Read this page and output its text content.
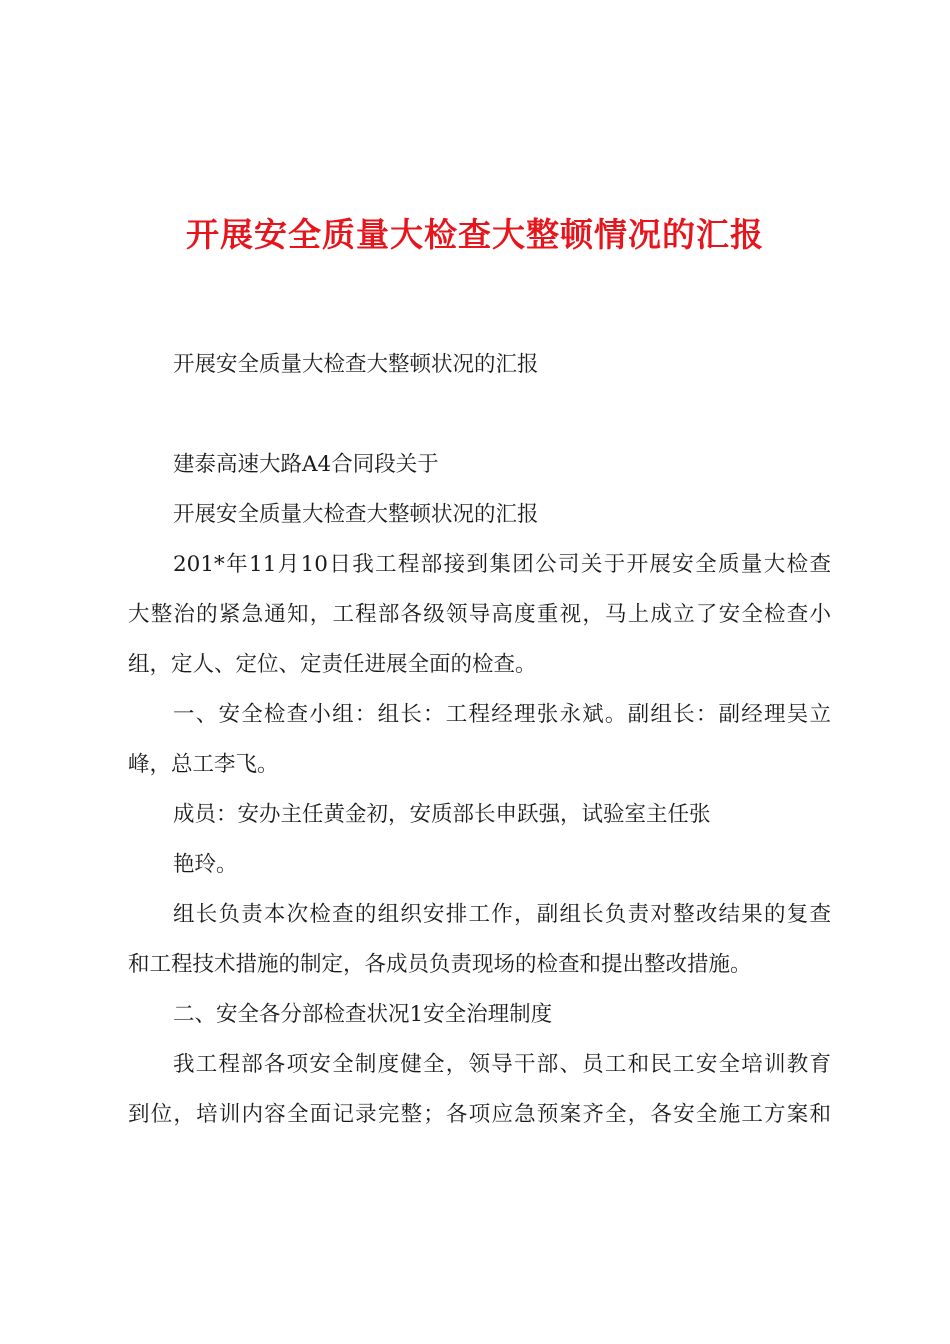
开展安全质量大检查大整顿情况的汇报

开展安全质量大检查大整顿状况的汇报

建泰高速大路A4合同段关于

开展安全质量大检查大整顿状况的汇报

201*年11月10日我工程部接到集团公司关于开展安全质量大检查

大整治的紧急通知，工程部各级领导高度重视，马上成立了安全检查小

组，定人、定位、定责任进展全面的检查。

一、安全检查小组：组长：工程经理张永斌。副组长：副经理吴立

峰，总工李飞。

成员：安办主任黄金初，安质部长申跃强，试验室主任张

艳玲。

组长负责本次检查的组织安排工作，副组长负责对整改结果的复查

和工程技术措施的制定，各成员负责现场的检查和提出整改措施。

二、安全各分部检查状况1安全治理制度

我工程部各项安全制度健全，领导干部、员工和民工安全培训教育

到位，培训内容全面记录完整；各项应急预案齐全，各安全施工方案和
